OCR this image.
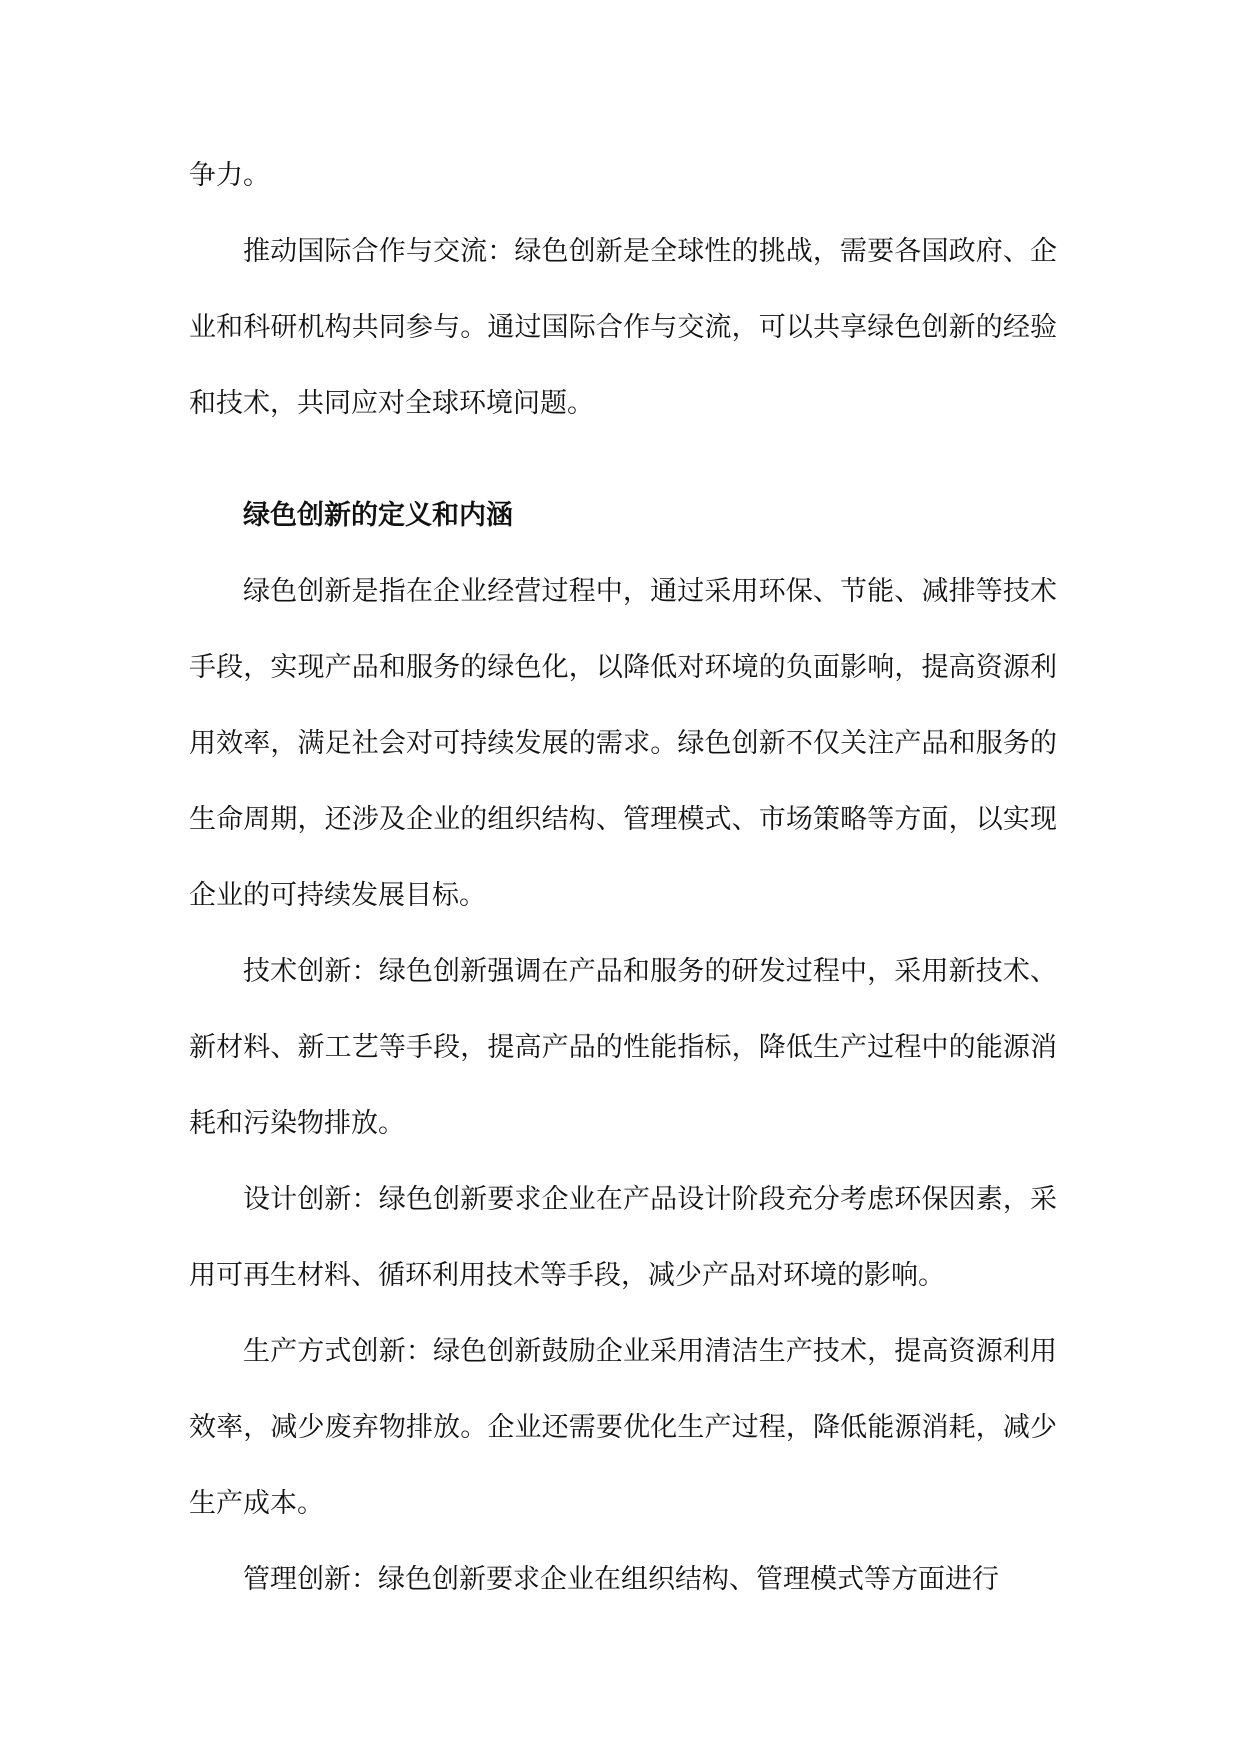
争力。

推动国际合作与交流：绿色创新是全球性的挑战，需要各国政府、企业和科研机构共同参与。通过国际合作与交流，可以共享绿色创新的经验和技术，共同应对全球环境问题。

绿色创新的定义和内涵

绿色创新是指在企业经营过程中，通过采用环保、节能、减排等技术手段，实现产品和服务的绿色化，以降低对环境的负面影响，提高资源利用效率，满足社会对可持续发展的需求。绿色创新不仅关注产品和服务的生命周期，还涉及企业的组织结构、管理模式、市场策略等方面，以实现企业的可持续发展目标。

技术创新：绿色创新强调在产品和服务的研发过程中，采用新技术、新材料、新工艺等手段，提高产品的性能指标，降低生产过程中的能源消耗和污染物排放。

设计创新：绿色创新要求企业在产品设计阶段充分考虑环保因素，采用可再生材料、循环利用技术等手段，减少产品对环境的影响。

生产方式创新：绿色创新鼓励企业采用清洁生产技术，提高资源利用效率，减少废弃物排放。企业还需要优化生产过程，降低能源消耗，减少生产成本。

管理创新：绿色创新要求企业在组织结构、管理模式等方面进行
